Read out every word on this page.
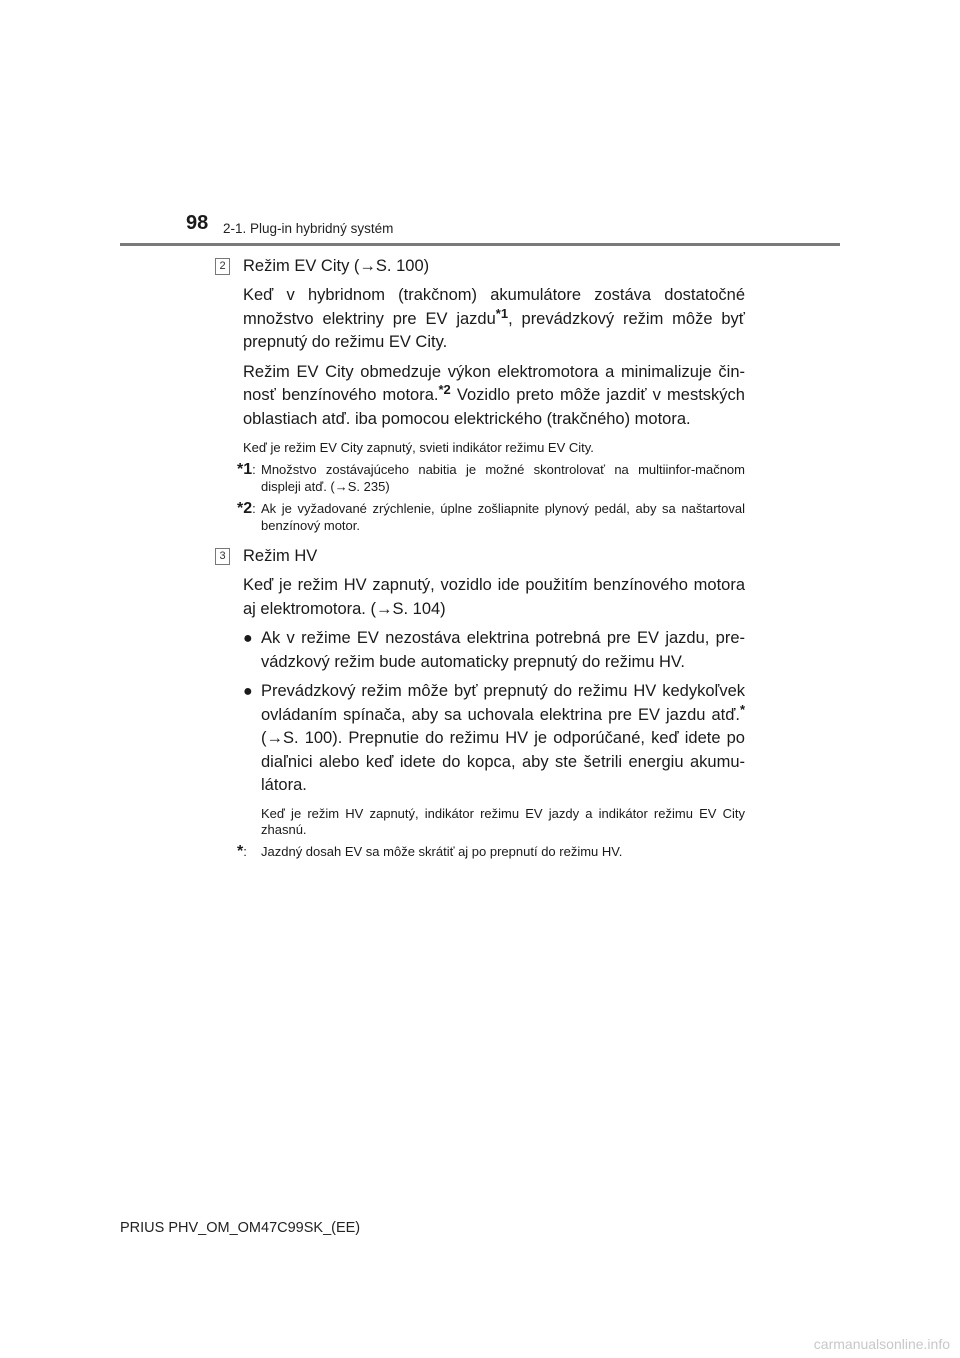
98 2-1. Plug-in hybridný systém
2 Režim EV City (→S. 100)
Keď v hybridnom (trakčnom) akumulátore zostáva dostatočné množstvo elektriny pre EV jazdu$^{*1}$, prevádzkový režim môže byť prepnutý do režimu EV City.
Režim EV City obmedzuje výkon elektromotora a minimalizuje čin-nosť benzínového motora.$^{*2}$ Vozidlo preto môže jazdiť v mestských oblastiach atď. iba pomocou elektrického (trakčného) motora.
Keď je režim EV City zapnutý, svieti indikátor režimu EV City.
*1: Množstvo zostávajúceho nabitia je možné skontrolovať na multiinfor-mačnom displeji atď. (→S. 235)
*2: Ak je vyžadované zrýchlenie, úplne zošliapnite plynový pedál, aby sa naštartoval benzínový motor.
3 Režim HV
Keď je režim HV zapnutý, vozidlo ide použitím benzínového motora aj elektromotora. (→S. 104)
● Ak v režime EV nezostáva elektrina potrebná pre EV jazdu, pre-vádzkový režim bude automaticky prepnutý do režimu HV.
● Prevádzkový režim môže byť prepnutý do režimu HV kedykoľvek ovládaním spínača, aby sa uchovala elektrina pre EV jazdu atď.* (→S. 100). Prepnutie do režimu HV je odporúčané, keď idete po diaľnici alebo keď idete do kopca, aby ste šetrili energiu akumu-látora.
Keď je režim HV zapnutý, indikátor režimu EV jazdy a indikátor režimu EV City zhasnú.
*: Jazdný dosah EV sa môže skrátiť aj po prepnutí do režimu HV.
PRIUS PHV_OM_OM47C99SK_(EE)
carmanualsonline.info
